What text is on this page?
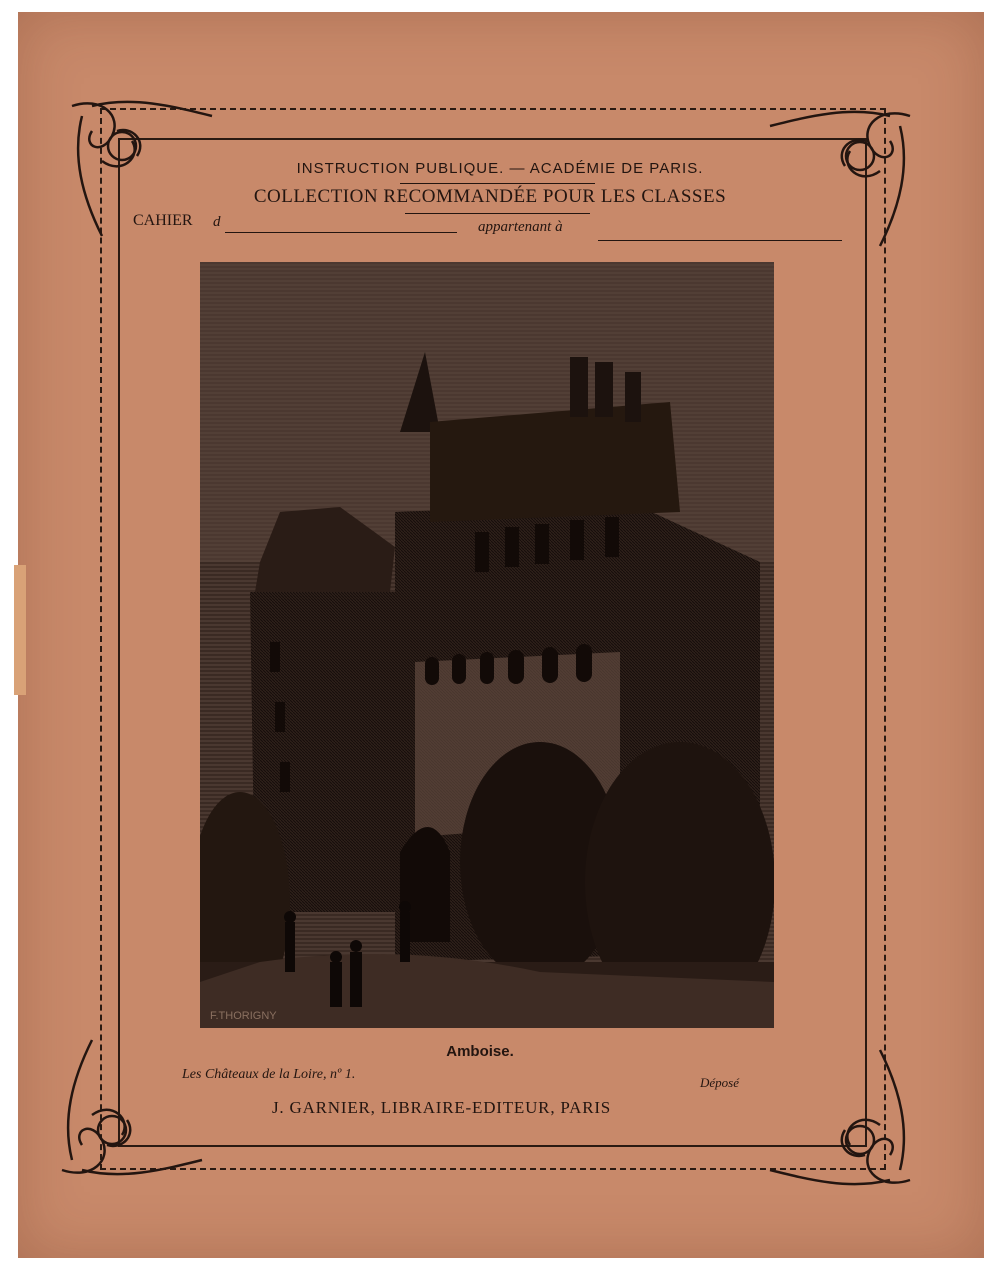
INSTRUCTION PUBLIQUE. — ACADÉMIE DE PARIS.
COLLECTION RECOMMANDÉE POUR LES CLASSES
CAHIER d	appartenant à
F.THORIGNY
Amboise.
Les Châteaux de la Loire, nº 1.
Déposé
J. GARNIER, LIBRAIRE-EDITEUR, PARIS
